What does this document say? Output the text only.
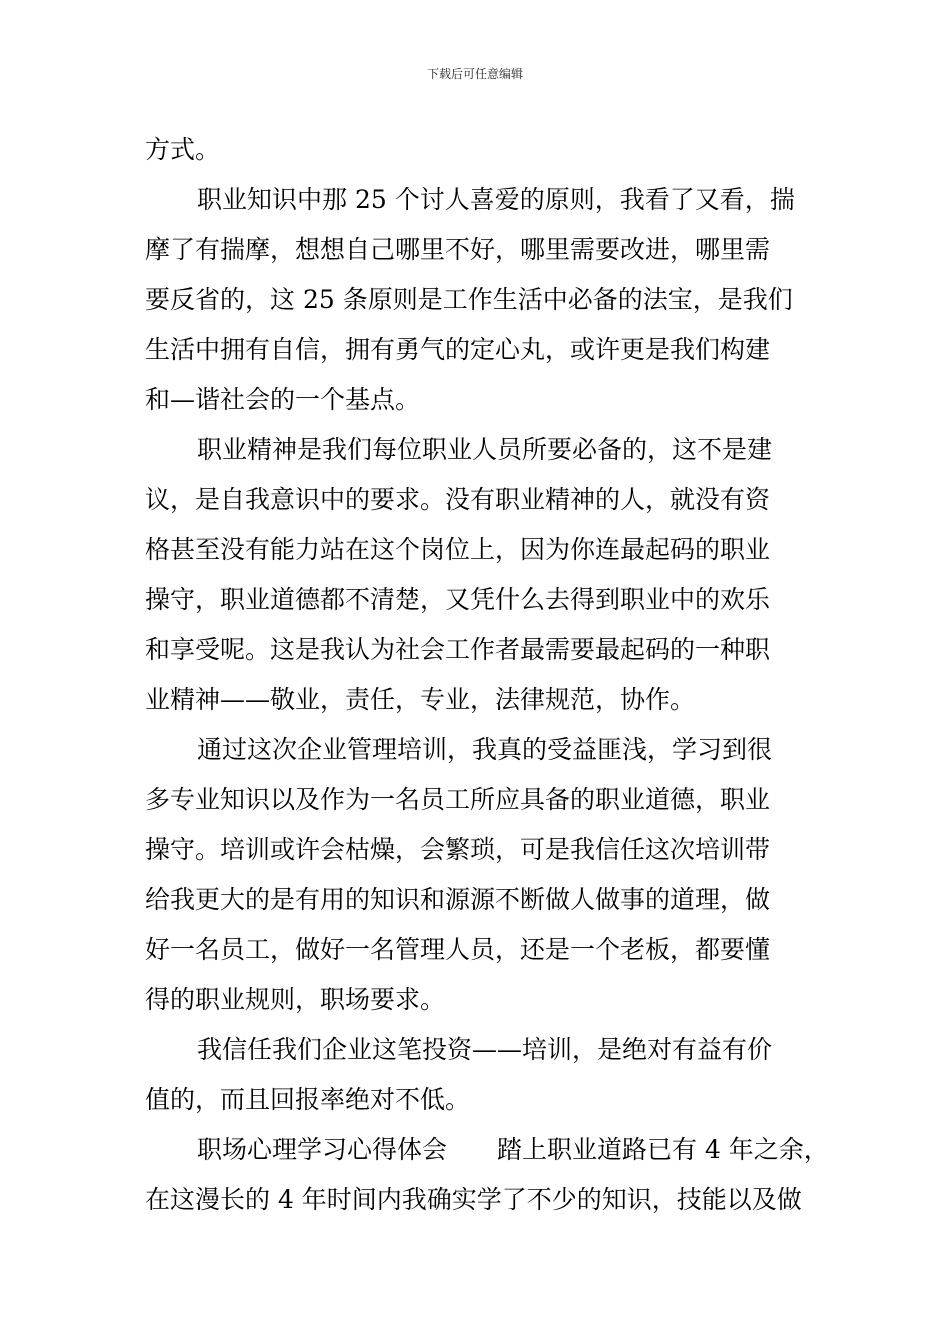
下载后可任意编辑
方式。
职业知识中那 25 个讨人喜爱的原则，我看了又看，揣
摩了有揣摩，想想自己哪里不好，哪里需要改进，哪里需
要反省的，这 25 条原则是工作生活中必备的法宝，是我们
生活中拥有自信，拥有勇气的定心丸，或许更是我们构建
和—谐社会的一个基点。
职业精神是我们每位职业人员所要必备的，这不是建
议，是自我意识中的要求。没有职业精神的人，就没有资
格甚至没有能力站在这个岗位上，因为你连最起码的职业
操守，职业道德都不清楚，又凭什么去得到职业中的欢乐
和享受呢。这是我认为社会工作者最需要最起码的一种职
业精神——敬业，责任，专业，法律规范，协作。
通过这次企业管理培训，我真的受益匪浅，学习到很
多专业知识以及作为一名员工所应具备的职业道德，职业
操守。培训或许会枯燥，会繁琐，可是我信任这次培训带
给我更大的是有用的知识和源源不断做人做事的道理，做
好一名员工，做好一名管理人员，还是一个老板，都要懂
得的职业规则，职场要求。
我信任我们企业这笔投资——培训，是绝对有益有价
值的，而且回报率绝对不低。
职场心理学习心得体会　　踏上职业道路已有 4 年之余，
在这漫长的 4 年时间内我确实学了不少的知识，技能以及做
